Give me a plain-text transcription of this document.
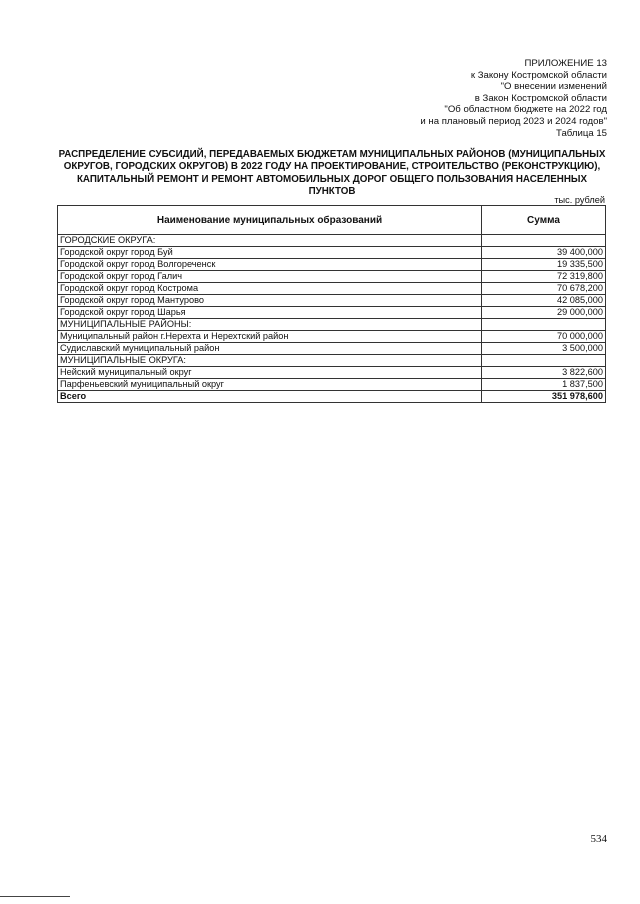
ПРИЛОЖЕНИЕ 13
к Закону Костромской области
"О внесении изменений
в Закон Костромской области
"Об областном бюджете на 2022 год
и на плановый период 2023 и 2024 годов"
Таблица 15
РАСПРЕДЕЛЕНИЕ СУБСИДИЙ, ПЕРЕДАВАЕМЫХ БЮДЖЕТАМ МУНИЦИПАЛЬНЫХ РАЙОНОВ (МУНИЦИПАЛЬНЫХ
ОКРУГОВ, ГОРОДСКИХ ОКРУГОВ) В 2022 ГОДУ НА ПРОЕКТИРОВАНИЕ, СТРОИТЕЛЬСТВО (РЕКОНСТРУКЦИЮ),
КАПИТАЛЬНЫЙ РЕМОНТ И РЕМОНТ АВТОМОБИЛЬНЫХ ДОРОГ ОБЩЕГО ПОЛЬЗОВАНИЯ НАСЕЛЕННЫХ
ПУНКТОВ
тыс. рублей
Наименование муниципальных образований	Сумма
ГОРОДСКИЕ ОКРУГА:	
Городской округ город Буй	39 400,000
Городской округ город Волгореченск	19 335,500
Городской округ город Галич	72 319,800
Городской округ город Кострома	70 678,200
Городской округ город Мантурово	42 085,000
Городской округ город Шарья	29 000,000
МУНИЦИПАЛЬНЫЕ РАЙОНЫ:	
Муниципальный район г.Нерехта и Нерехтский район	70 000,000
Судиславский муниципальный район	3 500,000
МУНИЦИПАЛЬНЫЕ ОКРУГА:	
Нейский муниципальный округ	3 822,600
Парфеньевский муниципальный округ	1 837,500
Всего	351 978,600
534
